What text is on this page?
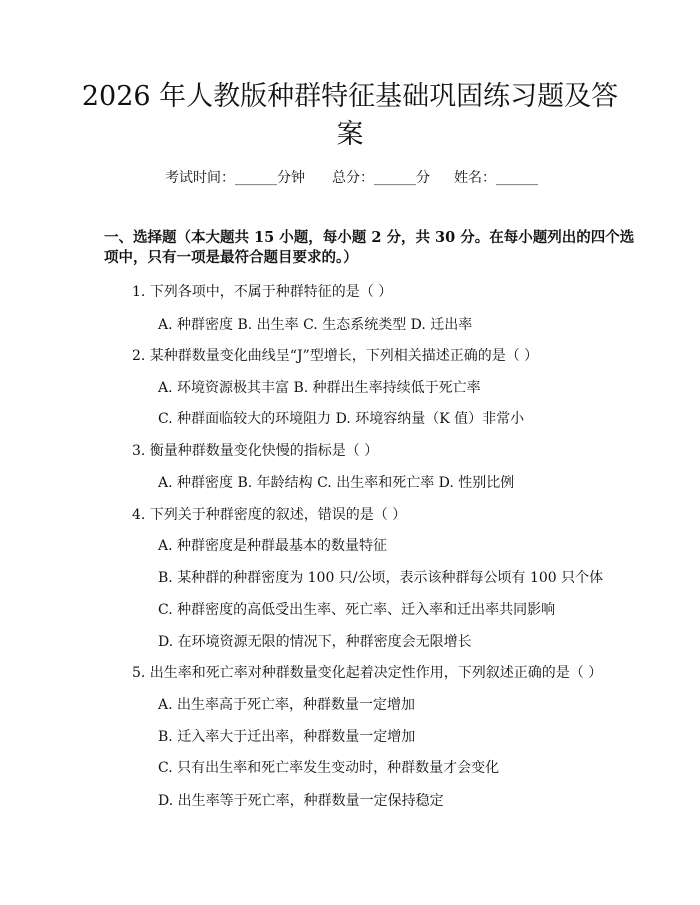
2026 年人教版种群特征基础巩固练习题及答
案
考试时间：______分钟 总分：______分 姓名：______
一、选择题（本大题共 15 小题，每小题 2 分，共 30 分。在每小题列出的四个选
项中，只有一项是最符合题目要求的。）
1. 下列各项中，不属于种群特征的是（ ）
A. 种群密度 B. 出生率 C. 生态系统类型 D. 迁出率
2. 某种群数量变化曲线呈“J”型增长，下列相关描述正确的是（ ）
A. 环境资源极其丰富 B. 种群出生率持续低于死亡率
C. 种群面临较大的环境阻力 D. 环境容纳量（K 值）非常小
3. 衡量种群数量变化快慢的指标是（ ）
A. 种群密度 B. 年龄结构 C. 出生率和死亡率 D. 性别比例
4. 下列关于种群密度的叙述，错误的是（ ）
A. 种群密度是种群最基本的数量特征
B. 某种群的种群密度为 100 只/公顷，表示该种群每公顷有 100 只个体
C. 种群密度的高低受出生率、死亡率、迁入率和迁出率共同影响
D. 在环境资源无限的情况下，种群密度会无限增长
5. 出生率和死亡率对种群数量变化起着决定性作用，下列叙述正确的是（ ）
A. 出生率高于死亡率，种群数量一定增加
B. 迁入率大于迁出率，种群数量一定增加
C. 只有出生率和死亡率发生变动时，种群数量才会变化
D. 出生率等于死亡率，种群数量一定保持稳定
